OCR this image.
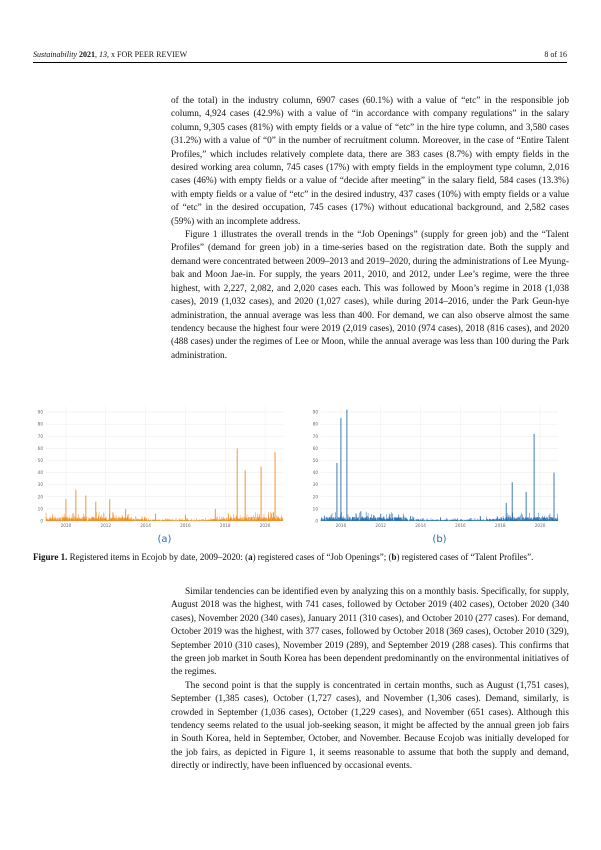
Sustainability 2021, 13, x FOR PEER REVIEW	8 of 16

of the total) in the industry column, 6907 cases (60.1%) with a value of “etc” in the responsible job column, 4,924 cases (42.9%) with a value of “in accordance with company regulations” in the salary column, 9,305 cases (81%) with empty fields or a value of “etc” in the hire type column, and 3,580 cases (31.2%) with a value of “0” in the number of recruitment column. Moreover, in the case of “Entire Talent Profiles,” which includes relatively complete data, there are 383 cases (8.7%) with empty fields in the desired working area column, 745 cases (17%) with empty fields in the employment type column, 2,016 cases (46%) with empty fields or a value of “decide after meeting” in the salary field, 584 cases (13.3%) with empty fields or a value of “etc” in the desired industry, 437 cases (10%) with empty fields or a value of “etc” in the desired occupation, 745 cases (17%) without educational background, and 2,582 cases (59%) with an incomplete address.

Figure 1 illustrates the overall trends in the “Job Openings” (supply for green job) and the “Talent Profiles” (demand for green job) in a time-series based on the registration date. Both the supply and demand were concentrated between 2009–2013 and 2019–2020, during the administrations of Lee Myung-bak and Moon Jae-in. For supply, the years 2011, 2010, and 2012, under Lee’s regime, were the three highest, with 2,227, 2,082, and 2,020 cases each. This was followed by Moon’s regime in 2018 (1,038 cases), 2019 (1,032 cases), and 2020 (1,027 cases), while during 2014–2016, under the Park Geun-hye administration, the annual average was less than 400. For demand, we can also observe almost the same tendency because the highest four were 2019 (2,019 cases), 2010 (974 cases), 2018 (816 cases), and 2020 (488 cases) under the regimes of Lee or Moon, while the annual average was less than 100 during the Park administration.

0
10
20
30
40
50
60
70
80
90
2010	2012	2014	2016	2018	2020
(a)
0
10
20
30
40
50
60
70
80
90
2010	2012	2014	2016	2018	2020
(b)
Figure 1. Registered items in Ecojob by date, 2009–2020: (a) registered cases of “Job Openings”; (b) registered cases of “Talent Profiles”.

Similar tendencies can be identified even by analyzing this on a monthly basis. Specifically, for supply, August 2018 was the highest, with 741 cases, followed by October 2019 (402 cases), October 2020 (340 cases), November 2020 (340 cases), January 2011 (310 cases), and October 2010 (277 cases). For demand, October 2019 was the highest, with 377 cases, followed by October 2018 (369 cases), October 2010 (329), September 2010 (310 cases), November 2019 (289), and September 2019 (288 cases). This confirms that the green job market in South Korea has been dependent predominantly on the environmental initiatives of the regimes.

The second point is that the supply is concentrated in certain months, such as August (1,751 cases), September (1,385 cases), October (1,727 cases), and November (1,306 cases). Demand, similarly, is crowded in September (1,036 cases), October (1,229 cases), and November (651 cases). Although this tendency seems related to the usual job-seeking season, it might be affected by the annual green job fairs in South Korea, held in September, October, and November. Because Ecojob was initially developed for the job fairs, as depicted in Figure 1, it seems reasonable to assume that both the supply and demand, directly or indirectly, have been influenced by occasional events.
